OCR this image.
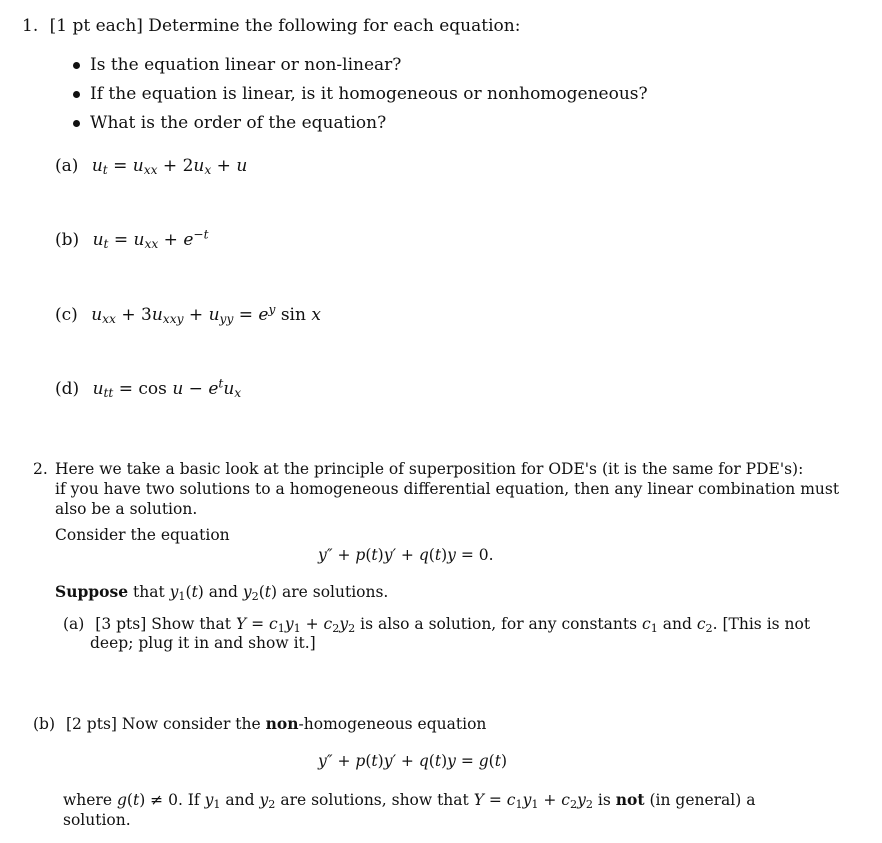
1. [1 pt each] Determine the following for each equation:
Is the equation linear or non-linear?
If the equation is linear, is it homogeneous or nonhomogeneous?
What is the order of the equation?
(a) $u_t = u_{xx} + 2u_x + u$
(b) $u_t = u_{xx} + e^{-t}$
(c) $u_{xx} + 3u_{xxy} + u_{yy} = e^y$ sin x
(d) $u_{tt} = \cos u - e^tu_x$
2. Here we take a basic look at the principle of superposition for ODE's (it is the same for PDE's):
if you have two solutions to a homogeneous differential equation, then any linear combination must
also be a solution.
Consider the equation
y″ + p(t)y′ + q(t)y = 0.
Suppose that $y_1(t)$ and $y_2(t)$ are solutions.
(a) [3 pts] Show that $Y = c_1y_1 + c_2y_2$ is also a solution, for any constants $c_1$ and $c_2$. [This is not
deep; plug it in and show it.]
(b) [2 pts] Now consider the non-homogeneous equation
y″ + p(t)y′ + q(t)y = g(t)
where g(t) ≠ 0. If $y_1$ and $y_2$ are solutions, show that $Y = c_1y_1 + c_2y_2$ is not (in general) a
solution.
